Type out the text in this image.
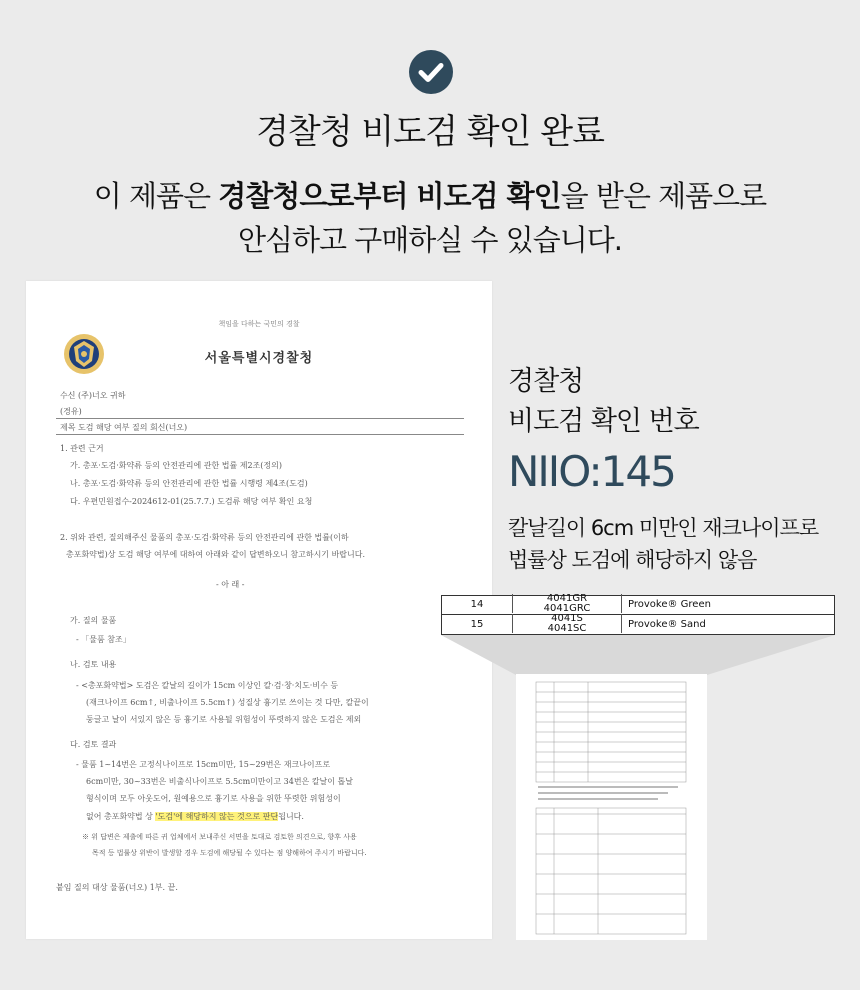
경찰청 비도검 확인 완료
이 제품은 경찰청으로부터 비도검 확인을 받은 제품으로
안심하고 구매하실 수 있습니다.
책임을 다하는 국민의 경찰
서울특별시경찰청
수신 (주)너오 귀하
(경유)
제목 도검 해당 여부 질의 회신(너오)
1. 관련 근거
가. 총포·도검·화약류 등의 안전관리에 관한 법률 제2조(정의)
나. 총포·도검·화약류 등의 안전관리에 관한 법률 시행령 제4조(도검)
다. 우편민원접수-2024612-01(25.7.7.) 도검류 해당 여부 확인 요청
2. 위와 관련, 질의해주신 물품의 총포·도검·화약류 등의 안전관리에 관한 법률(이하
총포화약법)상 도검 해당 여부에 대하여 아래와 같이 답변하오니 참고하시기 바랍니다.
- 아 래 -
가. 질의 물품
- 「물품 참조」
나. 검토 내용
- <총포화약법> 도검은 칼날의 길이가 15cm 이상인 칼·검·창·치도·비수 등
(재크나이프 6cm↑, 비출나이프 5.5cm↑) 성질상 흉기로 쓰이는 것 다만, 칼끝이
둥글고 날이 서있지 않은 등 흉기로 사용될 위험성이 뚜렷하지 않은 도검은 제외
다. 검토 결과
- 물품 1~14번은 고정식나이프로 15cm미만, 15~29번은 재크나이프로
6cm미만, 30~33번은 비출식나이프로 5.5cm미만이고 34번은 칼날이 톱날
형식이며 모두 아웃도어, 원예용으로 흉기로 사용을 위한 뚜렷한 위험성이
없어 총포화약법 상 '도검'에 해당하지 않는 것으로 판단됩니다.
※ 위 답변은 제출에 따른 귀 업체에서 보내주신 서면을 토대로 검토한 의견으로, 향후 사용
목적 등 법률상 위반이 발생할 경우 도검에 해당될 수 있다는 점 양해하여 주시기 바랍니다.
붙임 질의 대상 물품(너오) 1부. 끝.
경찰청
비도검 확인 번호
NIIO:145
칼날길이 6cm 미만인 재크나이프로
법률상 도검에 해당하지 않음
14
4041GR
4041GRC	Provoke® Green
15
4041S
4041SC	Provoke® Sand
